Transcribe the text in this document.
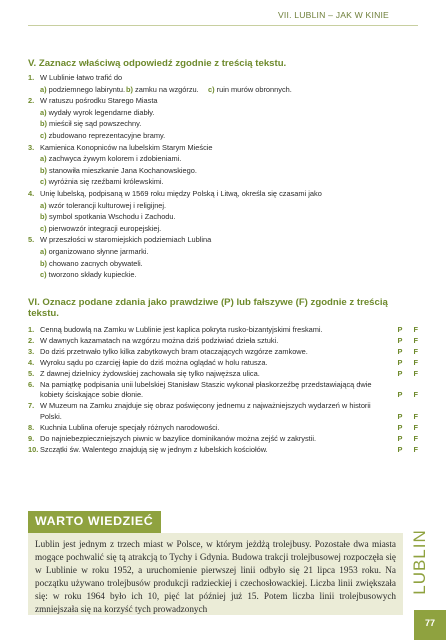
VII. LUBLIN – JAK W KINIE
V. Zaznacz właściwą odpowiedź zgodnie z treścią tekstu.
1. W Lublinie łatwo trafić do
a) podziemnego labiryntu.b) zamku na wzgórzu. c) ruin murów obronnych.
2. W ratuszu pośrodku Starego Miasta
a) wydały wyrok legendarne diabły.
b) mieścił się sąd powszechny.
c) zbudowano reprezentacyjne bramy.
3. Kamienica Konopniców na lubelskim Starym Mieście
a) zachwyca żywym kolorem i zdobieniami.
b) stanowiła mieszkanie Jana Kochanowskiego.
c) wyróżnia się rzeźbami królewskimi.
4. Unię lubelską, podpisaną w 1569 roku między Polską i Litwą, określa się czasami jako
a) wzór tolerancji kulturowej i religijnej.
b) symbol spotkania Wschodu i Zachodu.
c) pierwowzór integracji europejskiej.
5. W przeszłości w staromiejskich podziemiach Lublina
a) organizowano słynne jarmarki.
b) chowano zacnych obywateli.
c) tworzono składy kupieckie.
VI. Oznacz podane zdania jako prawdziwe (P) lub fałszywe (F) zgodnie z treścią tekstu.
1. Cenną budowlą na Zamku w Lublinie jest kaplica pokryta rusko-bizantyjskimi freskami.	P F
2. W dawnych kazamatach na wzgórzu można dziś podziwiać dzieła sztuki.	P F
3. Do dziś przetrwało tylko kilka zabytkowych bram otaczających wzgórze zamkowe.	P F
4. Wyroku sądu po czarcięj łapie do dziś można oglądać w holu ratusza.	P F
5. Z dawnej dzielnicy żydowskiej zachowała się tylko najwęższa ulica.	P F
6. Na pamiątkę podpisania unii lubelskiej Stanisław Staszic wykonał płaskorzeźbę przedstawiającą dwie kobiety ściskające sobie dłonie.	P F
7. W Muzeum na Zamku znajduje się obraz poświęcony jednemu z najważniejszych wydarzeń w historii Polski.	P F
8. Kuchnia Lublina oferuje specjały różnych narodowości.	P F
9. Do najniebezpieczniejszych piwnic w bazylice dominikanów można zejść w zakrystii.	P F
10. Szczątki św. Walentego znajdują się w jednym z lubelskich kościołów.	P F
WARTO WIEDZIEĆ

Lublin jest jednym z trzech miast w Polsce, w którym jeżdżą trolejbusy. Pozostałe dwa miasta mogące pochwalić się tą atrakcją to Tychy i Gdynia. Budowa trakcji trolejbusowej rozpoczęła się w Lublinie w roku 1952, a uruchomienie pierwszej linii odbyło się 21 lipca 1953 roku. Na początku używano trolejbusów produkcji radzieckiej i czechosłowackiej. Liczba linii zwiększała się: w roku 1964 było ich 10, pięć lat później już 15. Potem liczba linii trolejbusowych zmniejszała się na korzyść tych prowadzonych

LUBLIN
77
